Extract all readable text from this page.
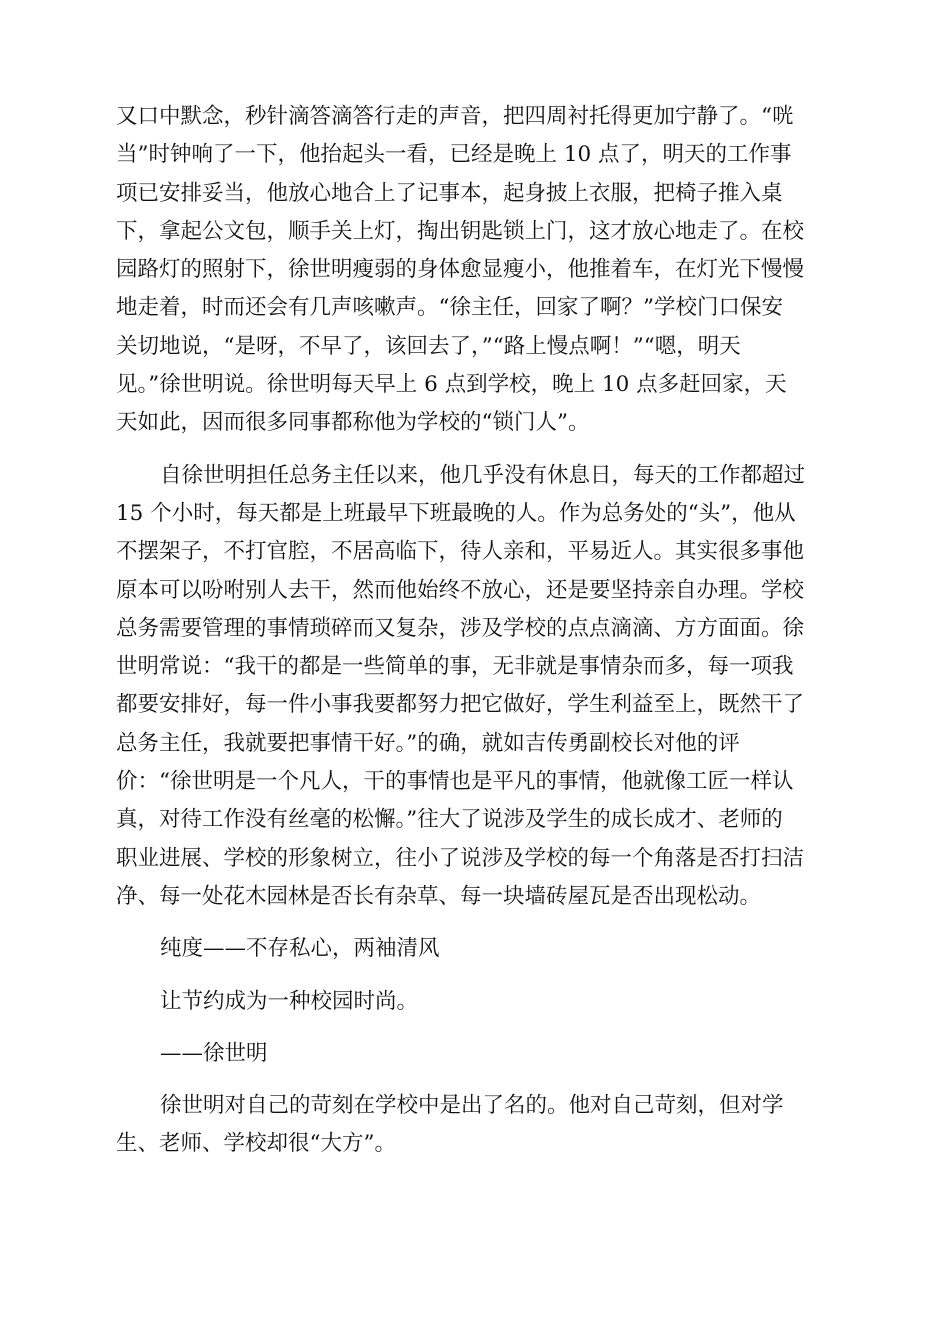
又口中默念，秒针滴答滴答行走的声音，把四周衬托得更加宁静了。“咣
当”时钟响了一下，他抬起头一看，已经是晚上 10 点了，明天的工作事
项已安排妥当，他放心地合上了记事本，起身披上衣服，把椅子推入桌
下，拿起公文包，顺手关上灯，掏出钥匙锁上门，这才放心地走了。在校
园路灯的照射下，徐世明瘦弱的身体愈显瘦小，他推着车，在灯光下慢慢
地走着，时而还会有几声咳嗽声。“徐主任，回家了啊？”学校门口保安
关切地说，“是呀，不早了，该回去了，”“路上慢点啊！”“嗯，明天
见。”徐世明说。徐世明每天早上 6 点到学校，晚上 10 点多赶回家，天
天如此，因而很多同事都称他为学校的“锁门人”。

自徐世明担任总务主任以来，他几乎没有休息日，每天的工作都超过
15 个小时，每天都是上班最早下班最晚的人。作为总务处的“头”，他从
不摆架子，不打官腔，不居高临下，待人亲和，平易近人。其实很多事他
原本可以吩咐别人去干，然而他始终不放心，还是要坚持亲自办理。学校
总务需要管理的事情琐碎而又复杂，涉及学校的点点滴滴、方方面面。徐
世明常说：“我干的都是一些简单的事，无非就是事情杂而多，每一项我
都要安排好，每一件小事我要都努力把它做好，学生利益至上，既然干了
总务主任，我就要把事情干好。”的确，就如吉传勇副校长对他的评
价：“徐世明是一个凡人，干的事情也是平凡的事情，他就像工匠一样认
真，对待工作没有丝毫的松懈。”往大了说涉及学生的成长成才、老师的
职业进展、学校的形象树立，往小了说涉及学校的每一个角落是否打扫洁
净、每一处花木园林是否长有杂草、每一块墙砖屋瓦是否出现松动。

纯度——不存私心，两袖清风

让节约成为一种校园时尚。

——徐世明

徐世明对自己的苛刻在学校中是出了名的。他对自己苛刻，但对学
生、老师、学校却很“大方”。
